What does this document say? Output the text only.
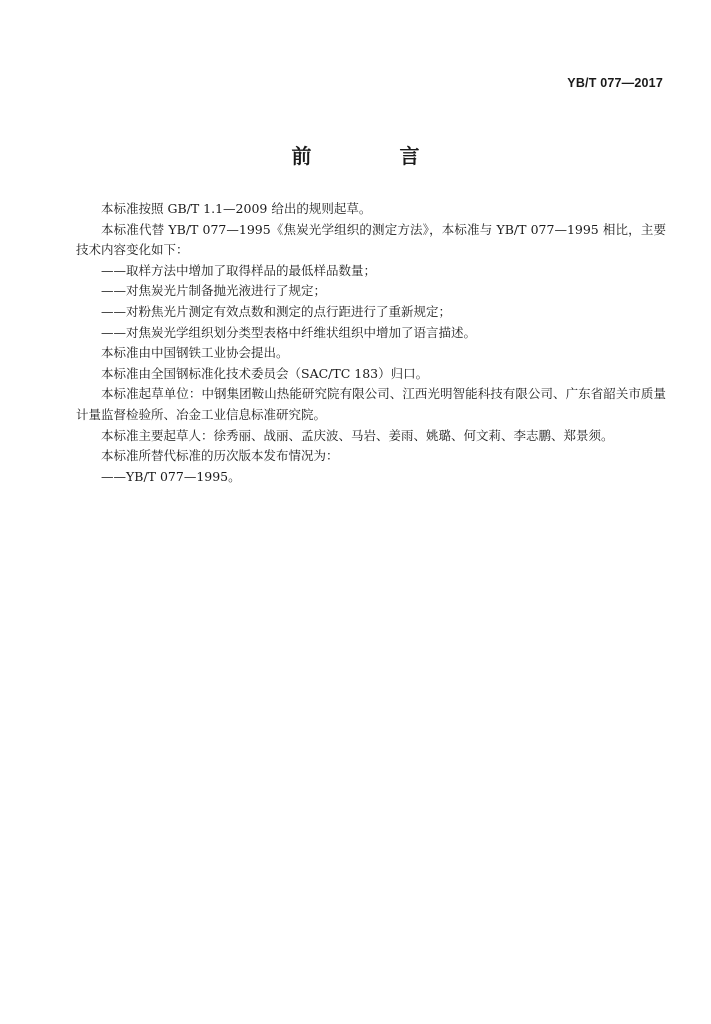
YB/T 077—2017
前　言

本标准按照 GB/T 1.1—2009 给出的规则起草。

本标准代替 YB/T 077—1995《焦炭光学组织的测定方法》，本标准与 YB/T 077—1995 相比，主要技术内容变化如下：

——取样方法中增加了取得样品的最低样品数量；

——对焦炭光片制备抛光液进行了规定；

——对粉焦光片测定有效点数和测定的点行距进行了重新规定；

——对焦炭光学组织划分类型表格中纤维状组织中增加了语言描述。

本标准由中国钢铁工业协会提出。

本标准由全国钢标准化技术委员会（SAC/TC 183）归口。

本标准起草单位：中钢集团鞍山热能研究院有限公司、江西光明智能科技有限公司、广东省韶关市质量计量监督检验所、冶金工业信息标准研究院。

本标准主要起草人：徐秀丽、战丽、孟庆波、马岩、姜雨、姚璐、何文莉、李志鹏、郑景须。

本标准所替代标准的历次版本发布情况为：

——YB/T 077—1995。
